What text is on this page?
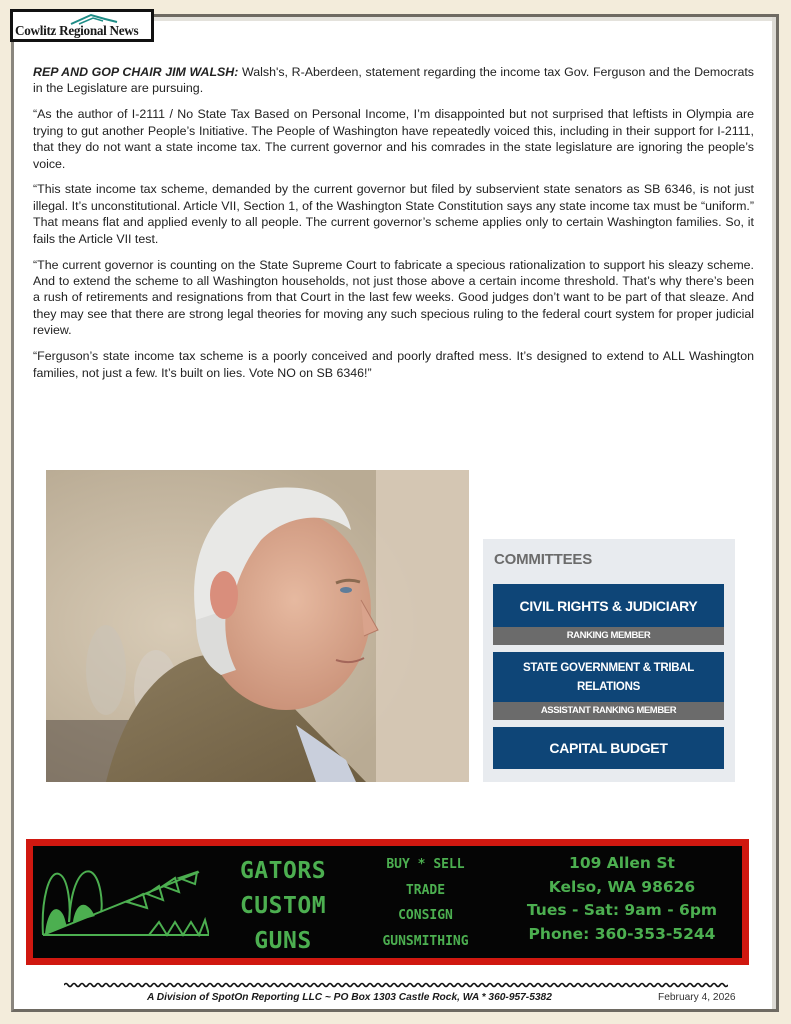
Cowlitz Regional News

REP AND GOP CHAIR JIM WALSH: Walsh's, R-Aberdeen, statement regarding the income tax Gov. Ferguson and the Democrats in the Legislature are pursuing.

“As the author of I-2111 / No State Tax Based on Personal Income, I’m disappointed but not surprised that leftists in Olympia are trying to gut another People’s Initiative. The People of Washington have repeatedly voiced this, including in their support for I-2111, that they do not want a state income tax. The current governor and his comrades in the state legislature are ignoring the people’s voice.

“This state income tax scheme, demanded by the current governor but filed by subservient state senators as SB 6346, is not just illegal. It’s unconstitutional. Article VII, Section 1, of the Washington State Constitution says any state income tax must be “uniform.” That means flat and applied evenly to all people. The current governor’s scheme applies only to certain Washington families. So, it fails the Article VII test.

“The current governor is counting on the State Supreme Court to fabricate a specious rationalization to support his sleazy scheme. And to extend the scheme to all Washington households, not just those above a certain income threshold. That’s why there’s been a rush of retirements and resignations from that Court in the last few weeks. Good judges don’t want to be part of that sleaze. And they may see that there are strong legal theories for moving any such specious ruling to the federal court system for proper judicial review.

“Ferguson’s state income tax scheme is a poorly conceived and poorly drafted mess. It’s designed to extend to ALL Washington families, not just a few. It’s built on lies. Vote NO on SB 6346!”

COMMITTEES
CIVIL RIGHTS & JUDICIARY
RANKING MEMBER
STATE GOVERNMENT & TRIBAL
RELATIONS
ASSISTANT RANKING MEMBER
CAPITAL BUDGET
GATORS
CUSTOM
GUNS
BUY * SELL
TRADE
CONSIGN
GUNSMITHING
109 Allen St
Kelso, WA 98626
Tues - Sat: 9am - 6pm
Phone: 360-353-5244
A Division of SpotOn Reporting LLC ~ PO Box 1303 Castle Rock, WA * 360-957-5382	February 4, 2026
